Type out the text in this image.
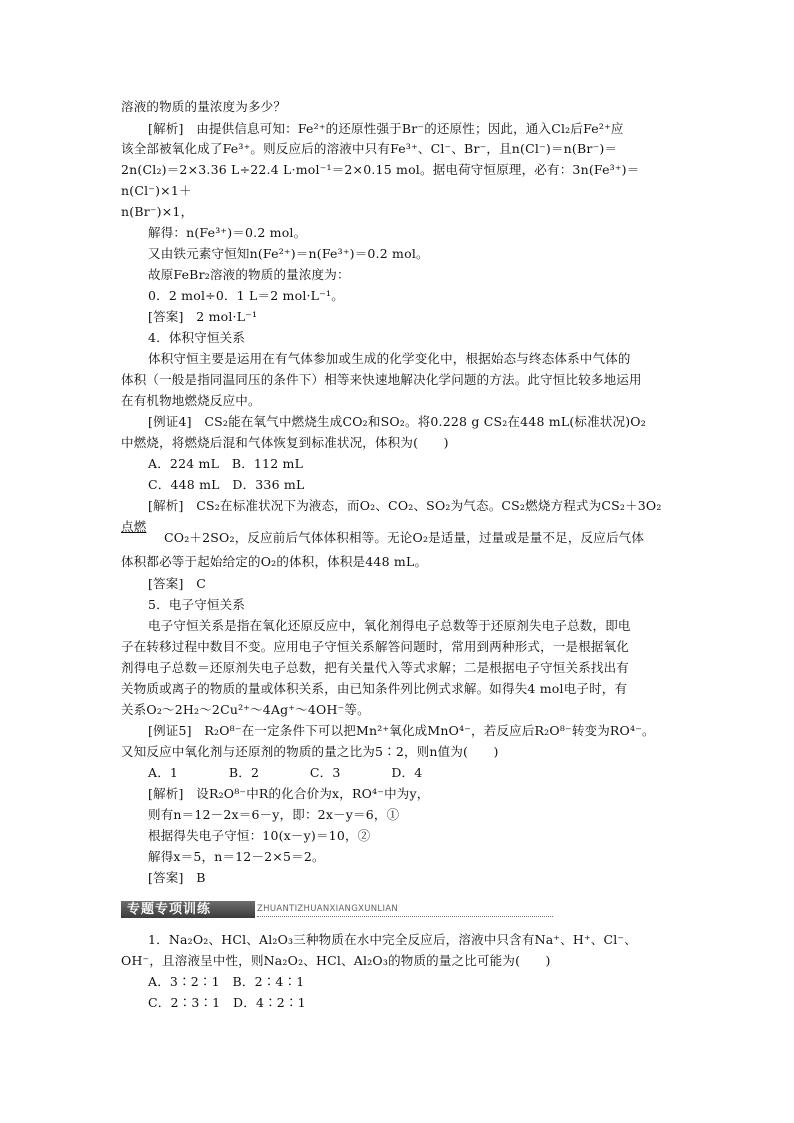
溶液的物质的量浓度为多少？
[解析]　由提供信息可知：Fe²⁺的还原性强于Br⁻的还原性；因此，通入Cl₂后Fe²⁺应
该全部被氧化成了Fe³⁺。则反应后的溶液中只有Fe³⁺、Cl⁻、Br⁻，且n(Cl⁻)＝n(Br⁻)＝
2n(Cl₂)＝2×3.36 L÷22.4 L·mol⁻¹＝2×0.15 mol。据电荷守恒原理，必有：3n(Fe³⁺)＝
n(Cl⁻)×1＋
n(Br⁻)×1，
解得：n(Fe³⁺)＝0.2 mol。
又由铁元素守恒知n(Fe²⁺)＝n(Fe³⁺)＝0.2 mol。
故原FeBr₂溶液的物质的量浓度为：
0．2 mol÷0．1 L＝2 mol·L⁻¹。
[答案]　2 mol·L⁻¹
4．体积守恒关系
体积守恒主要是运用在有气体参加或生成的化学变化中，根据始态与终态体系中气体的
体积（一般是指同温同压的条件下）相等来快速地解决化学问题的方法。此守恒比较多地运用
在有机物地燃烧反应中。
[例证4]　CS₂能在氧气中燃烧生成CO₂和SO₂。将0.228 g CS₂在448 mL(标准状况)O₂
中燃烧，将燃烧后混和气体恢复到标准状况，体积为(　　)
A．224 mL　B．112 mL
C．448 mL　D．336 mL
[解析]　CS₂在标准状况下为液态，而O₂、CO₂、SO₂为气态。CS₂燃烧方程式为CS₂＋3O₂
点燃
CO₂＋2SO₂，反应前后气体体积相等。无论O₂是适量，过量或是量不足，反应后气体
体积都必等于起始给定的O₂的体积，体积是448 mL。
[答案]　C
5．电子守恒关系
电子守恒关系是指在氧化还原反应中，氧化剂得电子总数等于还原剂失电子总数，即电
子在转移过程中数目不变。应用电子守恒关系解答问题时，常用到两种形式，一是根据氧化
剂得电子总数＝还原剂失电子总数，把有关量代入等式求解；二是根据电子守恒关系找出有
关物质或离子的物质的量或体积关系，由已知条件列比例式求解。如得失4 mol电子时，有
关系O₂～2H₂～2Cu²⁺～4Ag⁺～4OH⁻等。
[例证5]　R₂O⁸⁻在一定条件下可以把Mn²⁺氧化成MnO⁴⁻，若反应后R₂O⁸⁻转变为RO⁴⁻。
又知反应中氧化剂与还原剂的物质的量之比为5∶2，则n值为(　　)
A．1　　　　B．2　　　　C．3　　　　D．4
[解析]　设R₂O⁸⁻中R的化合价为x，RO⁴⁻中为y，
则有n＝12－2x＝6－y，即：2x－y＝6，①
根据得失电子守恒：10(x－y)＝10，②
解得x＝5，n＝12－2×5＝2。
[答案]　B
专题专项训练	ZHUANTIZHUANXIANGXUNLIAN
1．Na₂O₂、HCl、Al₂O₃三种物质在水中完全反应后，溶液中只含有Na⁺、H⁺、Cl⁻、
OH⁻，且溶液呈中性，则Na₂O₂、HCl、Al₂O₃的物质的量之比可能为(　　)
A．3∶2∶1　B．2∶4∶1
C．2∶3∶1　D．4∶2∶1
